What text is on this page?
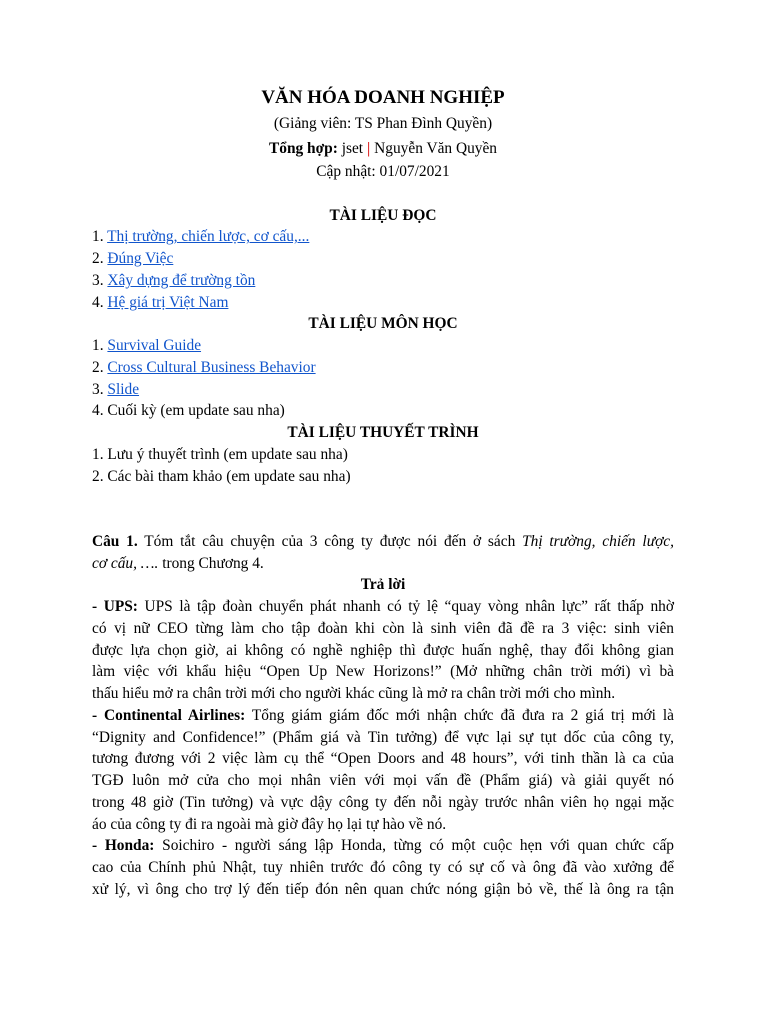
VĂN HÓA DOANH NGHIỆP
(Giảng viên: TS Phan Đình Quyền)
Tổng hợp: jset | Nguyễn Văn Quyền
Cập nhật: 01/07/2021
TÀI LIỆU ĐỌC
1. Thị trường, chiến lược, cơ cấu,...
2. Đúng Việc
3. Xây dựng để trường tồn
4. Hệ giá trị Việt Nam
TÀI LIỆU MÔN HỌC
1. Survival Guide
2. Cross Cultural Business Behavior
3. Slide
4. Cuối kỳ (em update sau nha)
TÀI LIỆU THUYẾT TRÌNH
1. Lưu ý thuyết trình (em update sau nha)
2. Các bài tham khảo (em update sau nha)
Câu 1. Tóm tắt câu chuyện của 3 công ty được nói đến ở sách Thị trường, chiến lược,
cơ cấu, …. trong Chương 4.
Trả lời
- UPS: UPS là tập đoàn chuyển phát nhanh có tỷ lệ “quay vòng nhân lực” rất thấp nhờ
có vị nữ CEO từng làm cho tập đoàn khi còn là sinh viên đã đề ra 3 việc: sinh viên
được lựa chọn giờ, ai không có nghề nghiệp thì được huấn nghệ, thay đổi không gian
làm việc với khẩu hiệu “Open Up New Horizons!” (Mở những chân trời mới) vì bà
thấu hiểu mở ra chân trời mới cho người khác cũng là mở ra chân trời mới cho mình.
- Continental Airlines: Tổng giám giám đốc mới nhận chức đã đưa ra 2 giá trị mới là
“Dignity and Confidence!” (Phẩm giá và Tin tưởng) để vực lại sự tụt dốc của công ty,
tương đương với 2 việc làm cụ thể “Open Doors and 48 hours”, với tinh thần là ca của
TGĐ luôn mở cửa cho mọi nhân viên với mọi vấn đề (Phẩm giá) và giải quyết nó
trong 48 giờ (Tin tưởng) và vực dậy công ty đến nỗi ngày trước nhân viên họ ngại mặc
áo của công ty đi ra ngoài mà giờ đây họ lại tự hào về nó.
- Honda: Soichiro - người sáng lập Honda, từng có một cuộc hẹn với quan chức cấp
cao của Chính phủ Nhật, tuy nhiên trước đó công ty có sự cố và ông đã vào xưởng để
xử lý, vì ông cho trợ lý đến tiếp đón nên quan chức nóng giận bỏ về, thế là ông ra tận
